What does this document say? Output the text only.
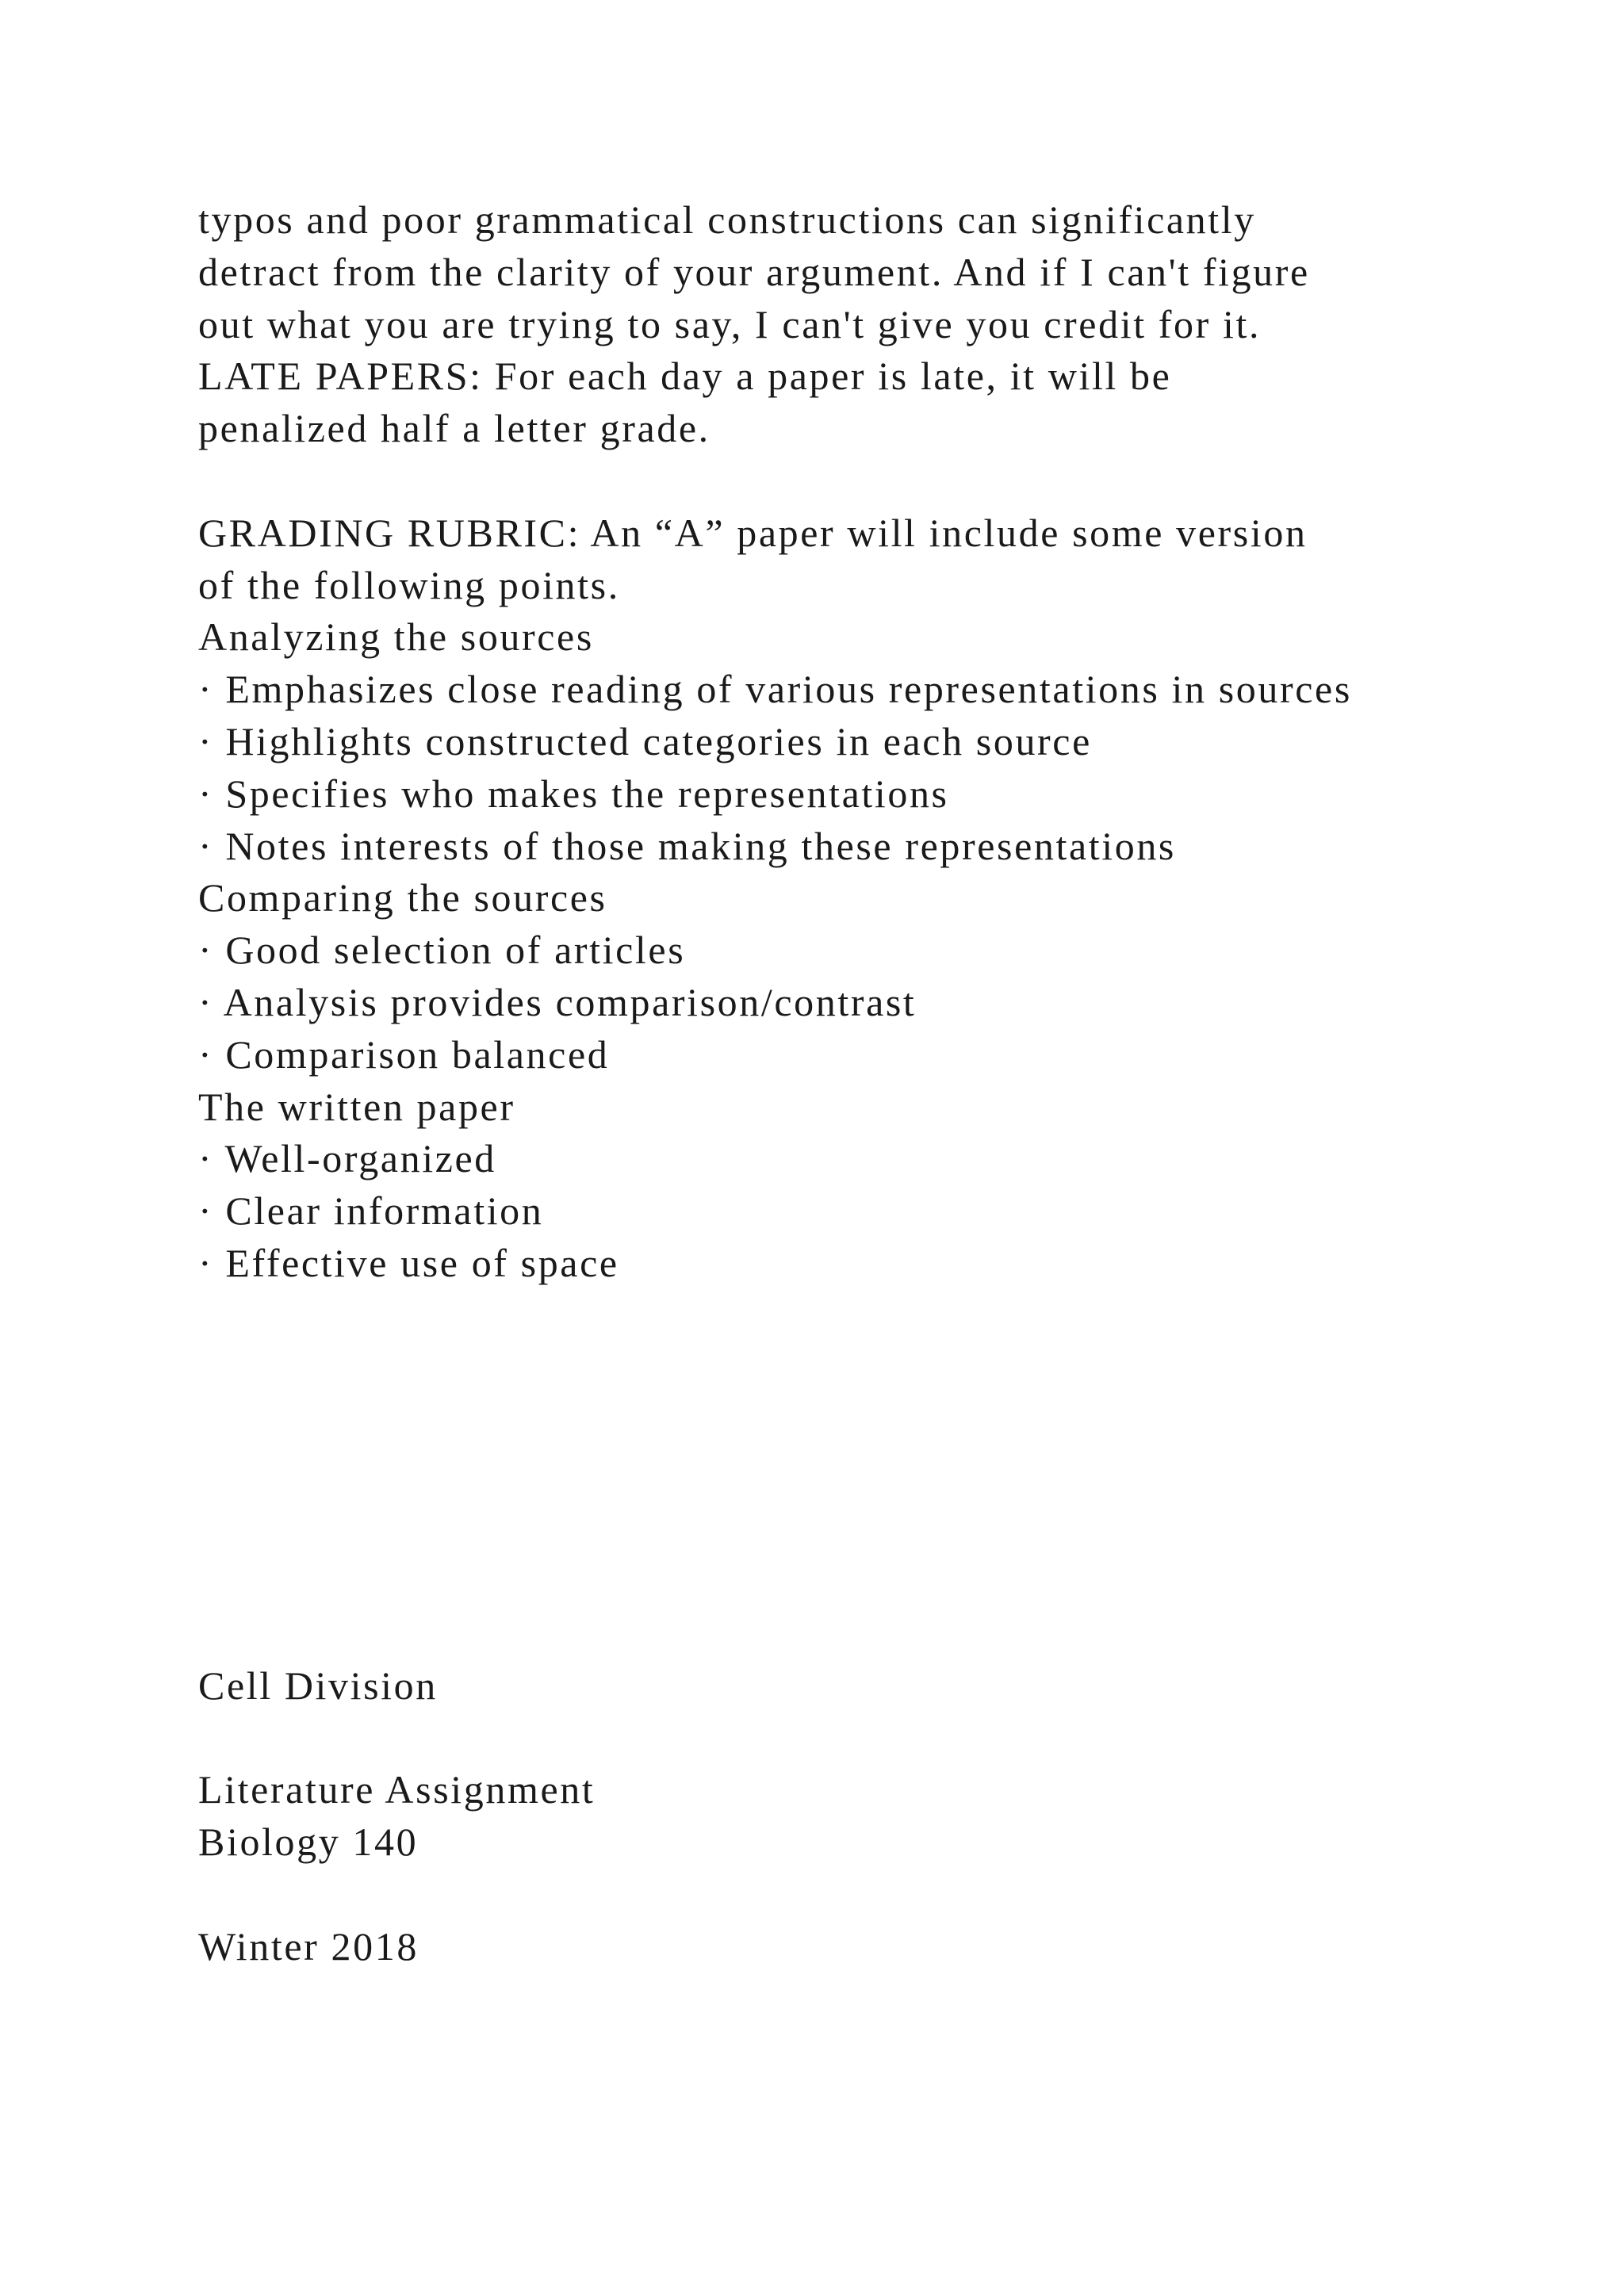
typos and poor grammatical constructions can significantly
detract from the clarity of your argument. And if I can't figure
out what you are trying to say, I can't give you credit for it.
LATE PAPERS: For each day a paper is late, it will be
penalized half a letter grade.
GRADING RUBRIC: An “A” paper will include some version
of the following points.
Analyzing the sources
· Emphasizes close reading of various representations in sources
· Highlights constructed categories in each source
· Specifies who makes the representations
· Notes interests of those making these representations
Comparing the sources
· Good selection of articles
· Analysis provides comparison/contrast
· Comparison balanced
The written paper
· Well-organized
· Clear information
· Effective use of space
Cell Division
Literature Assignment
Biology 140
Winter 2018
